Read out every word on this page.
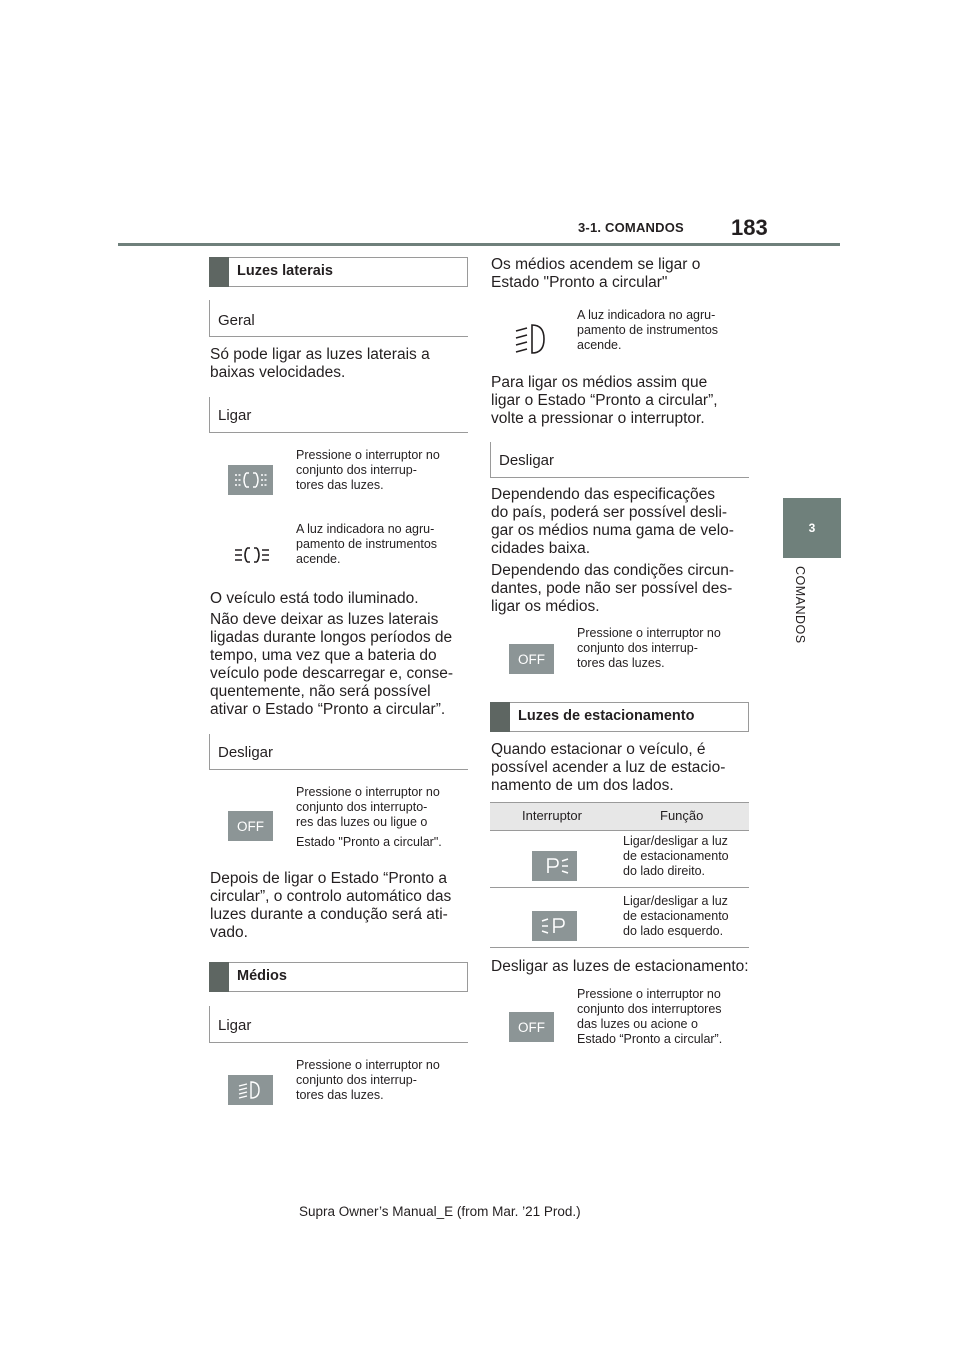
3-1. COMANDOS 183
3
COMANDOS
Luzes laterais
Geral
Só pode ligar as luzes laterais a
baixas velocidades.
Ligar
Pressione o interruptor no
conjunto dos interrup-
tores das luzes.
A luz indicadora no agru-
pamento de instrumentos
acende.
O veículo está todo iluminado.
Não deve deixar as luzes laterais
ligadas durante longos períodos de
tempo, uma vez que a bateria do
veículo pode descarregar e, conse-
quentemente, não será possível
ativar o Estado “Pronto a circular”.
Desligar
OFF
Pressione o interruptor no
conjunto dos interrupto-
res das luzes ou ligue o
Estado "Pronto a circular".
Depois de ligar o Estado “Pronto a
circular”, o controlo automático das
luzes durante a condução será ati-
vado.
Médios
Ligar
Pressione o interruptor no
conjunto dos interrup-
tores das luzes.
Os médios acendem se ligar o
Estado "Pronto a circular"
A luz indicadora no agru-
pamento de instrumentos
acende.
Para ligar os médios assim que
ligar o Estado “Pronto a circular”,
volte a pressionar o interruptor.
Desligar
Dependendo das especificações
do país, poderá ser possível desli-
gar os médios numa gama de velo-
cidades baixa.
Dependendo das condições circun-
dantes, pode não ser possível des-
ligar os médios.
OFF
Pressione o interruptor no
conjunto dos interrup-
tores das luzes.
Luzes de estacionamento
Quando estacionar o veículo, é
possível acender a luz de estacio-
namento de um dos lados.
Interruptor	Função
Ligar/desligar a luz
de estacionamento
do lado direito.
Ligar/desligar a luz
de estacionamento
do lado esquerdo.
Desligar as luzes de estacionamento:
OFF
Pressione o interruptor no
conjunto dos interruptores
das luzes ou acione o
Estado “Pronto a circular”.
Supra Owner’s Manual_E (from Mar. ’21 Prod.)
